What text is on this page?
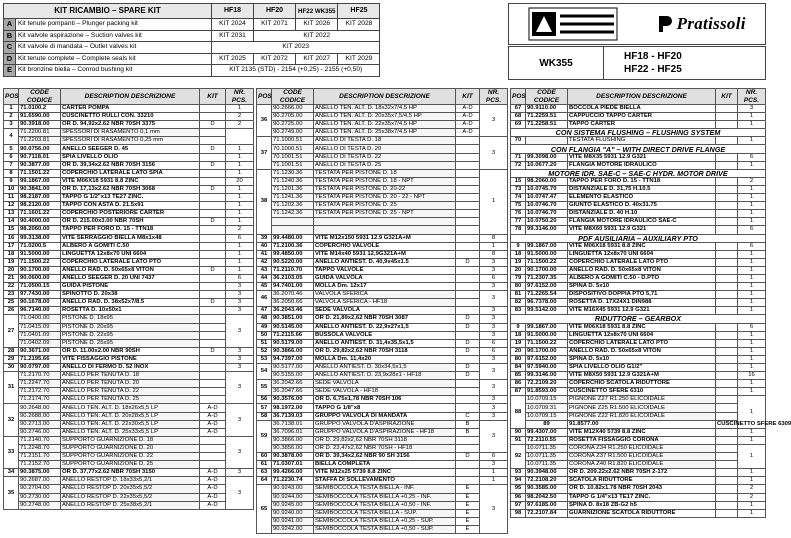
KIT RICAMBIO – SPARE KIT		HF18	HF20	HF22 WK355	HF25
A	Kit tenute pompanti – Plunger packing kit	KIT 2024	KIT 2071	KIT 2026	KIT 2028
B	Kit valvole aspirazione – Suction valves kit	KIT 2031	KIT 2022		
C	Kit valvole di mandata – Outlet valves kit	KIT 2023			
D	Kit tenute complete – Complete seals kit	KIT 2025	KIT 2072	KIT 2027	KIT 2029
E	Kit bronzine biella – Conrod bushing kit	KIT 2135 (STD) - 2154 (+0,25) - 2155 (+0,50)			
Pratissoli
WK355
HF18 - HF20
HF22 - HF25
POS	CODE CODICE	DESCRIPTION DESCRIZIONE	KIT	NR. PCS.
1	71.0100.2	CARTER POMPA		1
2	91.6590.00	CUSCINETTO RULLI CON. 33210		2
3	90.3918.00	OR D. 94,92x2.62 NBR 70SH 3375	D	2
4	71.2200.81	SPESSORI DI RASAMENTO 0,1 mm		
	71.2203.81	SPESSORI DI RASAMENTO 0,25 mm		
5	90.0756.00	ANELLO SEEGER D. 45	D	1
6	90.7118.01	SPIA LIVELLO OLIO		1
7	90.3877.00	OR D. 39,34x2.62 NBR 70SH 3156	D	1
8	71.1501.22	COPERCHIO LATERALE LATO SPIA		1
9	99.1867.00	VITE M06X18 5931 8.8 ZINC		20
10	90.3841.00	OR D. 17,13x2.62 NBR 70SH 3068	D	1
11	98.2187.00	TAPPO G 1/2"x13 TE27 ZINC.		1
12	98.2120.00	TAPPO CON ASTA D. 21.5x91		1
13	71.1601.22	COPERCHIO POSTERIORE CARTER		1
14	90.4000.00	OR D. 215.00x3.00 NBR 70SH	D	1
15	98.2060.00	TAPPO PER FORO D. 15 - TTN18		2
16	99.3138.00	VITE SERRAGGIO BIELLA M8x1x48		6
17	71.0200.5	ALBERO A GOMITI C.50		1
18	91.5000.00	LINGUETTA 12x8x70 UNI 6604		1
19	71.1500.22	COPERCHIO LATERALE LATO PTO		1
20	90.1700.00	ANELLO RAD. D. 50x65x8 VITON	D	1
21	90.0600.00	ANELLO SEEGER D. 20 UNI 7437		6
22	71.0500.15	GUIDA PISTONE		3
23	97.7430.00	SPINOTTO D. 20x38		3
25	90.1678.00	ANELLO RAD. D. 38x52x7/8.5	D	3
26	96.7140.00	ROSETTA D. 10x50x1		3
27	71.0400.00	PISTONE D. 18x95		3
	71.0415.09	PISTONE D. 20x95		
	71.0401.09	PISTONE D. 22x95		
	71.0402.09	PISTONE D. 25x95		
28	90.3671.00	OR D. 11.00x2.00 NBR 90SH	D	3
29	71.2195.66	VITE FISSAGGIO PISTONE		3
30	90.0797.00	ANELLO DI FERMO D. 52 INOX		3
31	71.2170.70	ANELLO PER TENUTA D. 18		3
	71.2247.70	ANELLO PER TENUTA D. 20		
	71.2172.70	ANELLO PER TENUTA D. 22		
	71.2174.70	ANELLO PER TENUTA D. 25		
32	90.2648.00	ANELLO TEN. ALT. D. 18x26x5,5 LP	A-D	3
	90.2688.00	ANELLO TEN. ALT. D. 20x28x5,5 LP	A-D	
	90.2713.00	ANELLO TEN. ALT. D. 22x30x5,5 LP	A-D	
	90.2746.00	ANELLO TEN. ALT. D. 25x33x5,5 LP	A-D	
33	71.2140.70	SUPPORTO GUARNIZIONE D. 18		3
	71.2248.70	SUPPORTO GUARNIZIONE D. 20		
	71.2151.70	SUPPORTO GUARNIZIONE D. 22		
	71.2152.70	SUPPORTO GUARNIZIONE D. 25		
34	90.3875.00	OR D. 37,77x2.62 NBR 70SH 3150	A-D	3
35	90.2687.00	ANELLO RESTOP D. 18x33x5,2/1	A-D	3
	90.2704.00	ANELLO RESTOP D. 20x35x5,5/2	A-D	
	90.2730.00	ANELLO RESTOP D. 22x35x5,5/2	A-D	
	90.2748.00	ANELLO RESTOP D. 25x38x5,2/1	A-D	
POS	CODE CODICE	DESCRIPTION DESCRIZIONE	KIT	NR. PCS.
36	90.2666.00	ANELLO TEN. ALT. D. 18x32x7/4,5 HP	A-D	3
	90.2705.00	ANELLO TEN. ALT. D. 20x35x7,5/4,5 HP	A-D	
	90.2725.00	ANELLO TEN. ALT. D. 22x35x7/4,5 HP	A-D	
	90.2749.00	ANELLO TEN. ALT. D. 25x38x7/4,5 HP	A-D	
37	71.1000.51	ANELLO DI TESTA D. 18		3
	70.1000.51	ANELLO DI TESTA D. 20		
	70.1001.51	ANELLO DI TESTA D. 22		
	71.1001.51	ANELLO DI TESTA D. 25		
38	71.1230.36	TESTATA PER PISTONE D. 18		1
	71.1240.36	TESTATA PER PISTONE D. 18 - NPT		
	71.1201.36	TESTATA PER PISTONE D. 20-22		
	71.1241.36	TESTATA PER PISTONE D. 20 - 22 - NPT		
	71.1202.36	TESTATA PER PISTONE D. 25		
	71.1242.36	TESTATA PER PISTONE D. 25 - NPT		

39	99.4480.00	VITE M12x150 5931 12.9 G321A+M		8
40	71.2100.36	COPERCHIO VALVOLE		1
41	99.4850.00	VITE M14x40 5931 12,9G321A+M		8
42	90.5220.00	ANELLO ANTIEST. D. 40,9x45x1.5	D	3
43	71.2110.70	TAPPO VALVOLE		3
44	36.2103.05	GUIDA VALVOLA		6
45	94.7401.00	MOLLA Dm. 12x17		3
46	36.2070.46	VALVOLA SFERICA		3
	36.2050.66	VALVOLA SFERICA - HF18		
47	36.2043.46	SEDE VALVOLA		3
48	90.3851.00	OR D. 21,89x2,62 NBR 70SH 3087	D	3
49	90.5145.00	ANELLO ANTIEST. D. 22,9x27x1,5	D	3
50	71.2115.66	BUSSOLA VALVOLE		3
51	90.5179.00	ANELLO ANTIEST. D. 31,4x35,5x1,5	D	6
52	90.3866.00	OR D. 29,82x2,62 NBR 70SH 3118	D	6
53	94.7397.00	MOLLA Dm. 11,4x20		3
54	90.5177.00	ANELLO ANTIEST. D. 30x34,5x1,5	D	3
	90.5155.00	ANELLO ANTIEST. D. 23,9x28x1 - HF18	D	
55	36.2042.66	SEDE VALVOLA		3
	36.2047.66	SEDE VALVOLA - HF18		
56	90.3576.00	OR D. 6,75x1,78 NBR 70SH 106		3
57	98.1972.00	TAPPO G 1/8"x8		3
58	36.7139.03	GRUPPO VALVOLA DI MANDATA	C	3
59	36.7138.01	GRUPPO VALVOLA D'ASPIRAZIONE	B	3
	36.7096.01	GRUPPO VALVOLA D'ASPIRAZIONE - HF18	B	
	90.3866.00	OR D. 29,82x2,62 NBR 70SH 3118		
	90.3856.00	OR D. 23,47x2,62 NBR 70SH - HF18		
60	90.3878.00	OR D. 39,34x2,62 NBR 90 SH 3156	D	6
61	71.0307.01	BIELLA COMPLETA		3
63	99.4266.00	VITE M12x25 5739 8.8 ZINC		1
64	71.2230.74	STAFFA DI SOLLEVAMENTO		1
65	90.9243.00	SEMIBOCCOLA TESTA BIELLA - INF.	E	3
	90.9244.00	SEMIBOCCOLA TESTA BIELLA +0,25 - INF.	E	
	90.9245.00	SEMIBOCCOLA TESTA BIELLA +0,50 - INF.	E	
	90.9240.00	SEMIBOCCOLA TESTA BIELLA - SUP.	E	
	90.9241.00	SEMIBOCCOLA TESTA BIELLA +0,25 - SUP.	E	
	90.9242.00	SEMIBOCCOLA TESTA BIELLA +0,50 - SUP.	E	
POS	CODE CODICE	DESCRIPTION DESCRIZIONE	KIT	NR. PCS.	
67	90.9110.00	BOCCOLA PIEDE BIELLA		3	
68	71.2259.51	CAPPUCCIO TAPPO CARTER		1	
69	71.2258.51	TAPPO CARTER		1	
CON SISTEMA FLUSHING – FLUSHING SYSTEM					
70		TESTATA FLUSHING		1	
CON FLANGIA "A" – WITH DIRECT DRIVE FLANGE					
71	99.3098.00	VITE M8X35 5931 12.9 G321		6	
72	10.0677.20	FLANGIA MOTORE IDRAULICO		1	
MOTORE IDR. SAE-C – SAE-C HYDR. MOTOR DRIVE					
15	98.2060.00	TAPPO PER FORO D. 15 - TTN18		2	
73	10.0745.70	DISTANZIALE D. 31,75 H.10.5		1	
74	10.0747.47	ELEMENTO ELASTICO		1	
75	10.0746.70	GIUNTO ELASTICO D. 40x31.75		1	
76	10.0746.70	DISTANZIALE D. 40 H.10		1	
77	10.0750.20	FLANGIA MOTORE IDRAULICO SAE-C		1	
78	99.3146.00	VITE M8X60 5931 12.9 G321		6	
PDF AUSILIARIA – AUXILIARY PTO					
9	99.1867.00	VITE M06X18 5931 8.8 ZINC		6	
18	91.5000.00	LINGUETTA 12x8x70 UNI 6604		1	
19	71.1500.22	COPERCHIO LATERALE LATO PTO		1	
20	90.1700.00	ANELLO RAD. D. 50x65x8 VITON		1	
79	71.2307.35	ALBERO A GOMITI C.50 - D.PTO		1	
80	97.6152.00	SPINA D. 5x10		1	
81	71.2265.54	DISPOSITIVO DOPPIA PTO 5,71		1	
82	96.7378.00	ROSETTA D. 17X24X1 DIN988		1	
83	99.5142.00	VITE M16X45 5931 12.9 G321		1	
RIDUTTORE – GEARBOX					
9	99.1867.00	VITE M06X18 5931 8.8 ZINC		6	
18	91.5000.00	LINGUETTA 12x8x70 UNI 6604		1	
19	71.1500.22	COPERCHIO LATERALE LATO PTO		1	
20	90.1700.00	ANELLO RAD. D. 50x65x8 VITON		1	
80	97.6152.00	SPINA D. 5x10		1	
84	97.5940.00	SPIA LIVELLO OLIO G1/2"		1	
85	99.3146.00	VITE M8X50 5931 12.9 G321A+M		16	
86	72.2109.20	COPERCHIO SCATOLA RIDUTTORE		1	
87	91.8593.00	CUSCINETTO SFERE 6310		1	
88	10.0709.15	PIGNONE Z27 R1.250 ELICOIDALE		1	
	10.0709.31	PIGNONE Z25 R1.500 ELICOIDALE			
	10.0709.15	PIGNONE Z22 R1.820 ELICOIDALE			
	89	91.8577.00	CUSCINETTO SFERE 6309		
90	99.4307.00	VITE M12X40 5739 8.8 ZINC		1	
91	72.2110.55	ROSETTA FISSAGGIO CORONA		1	
92	10.0711.35	CORONA Z34 R1.250 ELICOIDALE		1	
	10.0711.35	CORONA Z37 R1.500 ELICOIDALE			
	10.0711.35	CORONA Z40 R1.820 ELICOIDALE			
93	90.3948.00	OR D. 209.22x2.62 NBR 70SH 2-172		1	
94	72.2108.20	SCATOLA RIDUTTORE		1	
95	90.3585.00	OR D. 10.82x1.78 NBR 70SH 2043		2	
96	98.2042.50	TAPPO G 1/4"x13 TE17 ZINC.		2	
97	97.6185.00	SPINA D. 8x18 ZB-G2 h5		1	
98	72.2107.84	GUARNIZIONE SCATOLA RIDUTTORE		1	
